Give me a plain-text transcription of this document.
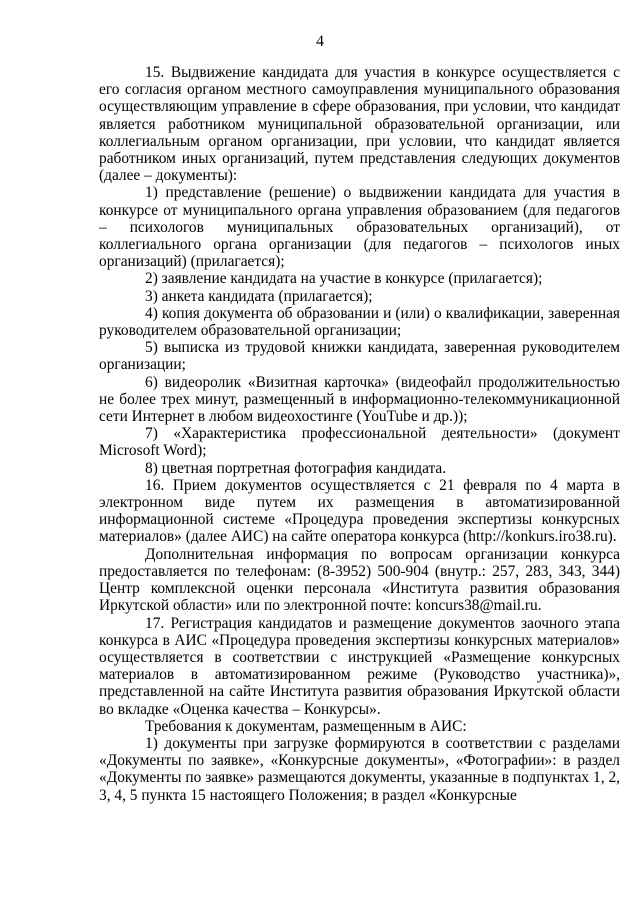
4

15. Выдвижение кандидата для участия в конкурсе осуществляется с его согласия органом местного самоуправления муниципального образования осуществляющим управление в сфере образования, при условии, что кандидат является работником муниципальной образовательной организации, или коллегиальным органом организации, при условии, что кандидат является работником иных организаций, путем представления следующих документов (далее – документы):

1) представление (решение) о выдвижении кандидата для участия в конкурсе от муниципального органа управления образованием (для педагогов – психологов муниципальных образовательных организаций), от коллегиального органа организации (для педагогов – психологов иных организаций) (прилагается);

2) заявление кандидата на участие в конкурсе (прилагается);

3) анкета кандидата (прилагается);

4) копия документа об образовании и (или) о квалификации, заверенная руководителем образовательной организации;

5) выписка из трудовой книжки кандидата, заверенная руководителем организации;

6) видеоролик «Визитная карточка» (видеофайл продолжительностью не более трех минут, размещенный в информационно-телекоммуникационной сети Интернет в любом видеохостинге (YouTube и др.));

7) «Характеристика профессиональной деятельности» (документ Microsoft Word);

8) цветная портретная фотография кандидата.

16. Прием документов осуществляется с 21 февраля по 4 марта в электронном виде путем их размещения в автоматизированной информационной системе «Процедура проведения экспертизы конкурсных материалов» (далее АИС) на сайте оператора конкурса (http://konkurs.iro38.ru).

Дополнительная информация по вопросам организации конкурса предоставляется по телефонам: (8-3952) 500-904 (внутр.: 257, 283, 343, 344) Центр комплексной оценки персонала «Института развития образования Иркутской области» или по электронной почте: koncurs38@mail.ru.

17. Регистрация кандидатов и размещение документов заочного этапа конкурса в АИС «Процедура проведения экспертизы конкурсных материалов» осуществляется в соответствии с инструкцией «Размещение конкурсных материалов в автоматизированном режиме (Руководство участника)», представленной на сайте Института развития образования Иркутской области во вкладке «Оценка качества – Конкурсы».

Требования к документам, размещенным в АИС:

1) документы при загрузке формируются в соответствии с разделами «Документы по заявке», «Конкурсные документы», «Фотографии»: в раздел «Документы по заявке» размещаются документы, указанные в подпунктах 1, 2, 3, 4, 5 пункта 15 настоящего Положения; в раздел «Конкурсные
